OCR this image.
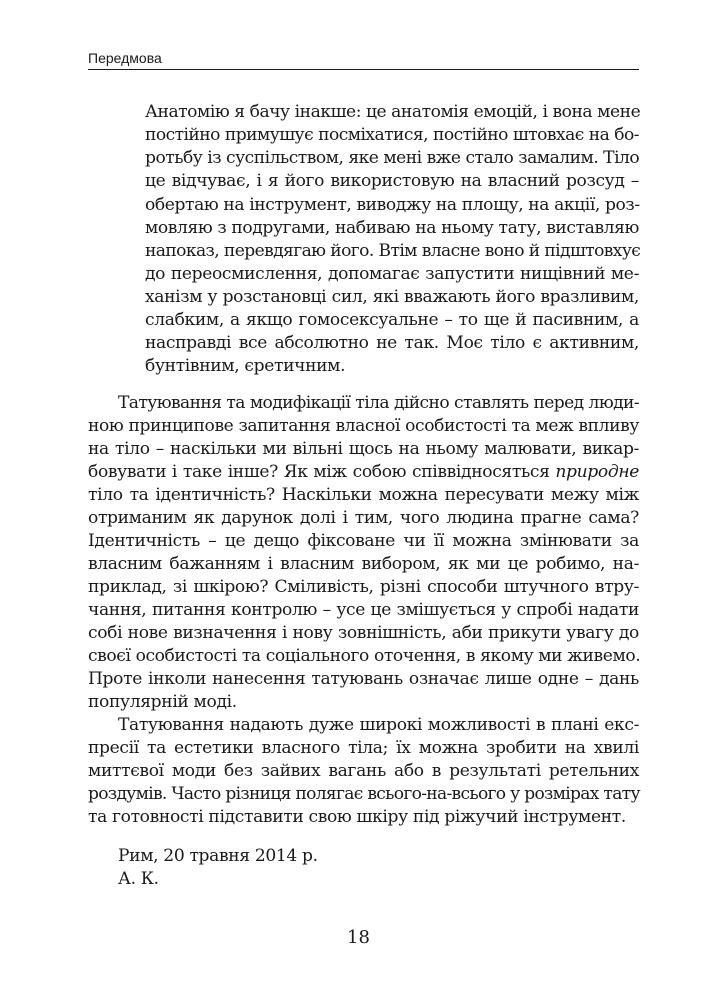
Передмова
Анатомію я бачу інакше: це анатомія емоцій, і вона мене
постійно примушує посміхатися, постійно штовхає на бо-
ротьбу із суспільством, яке мені вже стало замалим. Тіло
це відчуває, і я його використовую на власний розсуд –
обертаю на інструмент, виводжу на площу, на акції, роз-
мовляю з подругами, набиваю на ньому тату, виставляю
напоказ, перевдягаю його. Втім власне воно й підштовхує
до переосмислення, допомагає запустити нищівний ме-
ханізм у розстановці сил, які вважають його вразливим,
слабким, а якщо гомосексуальне – то ще й пасивним, а
насправді все абсолютно не так. Моє тіло є активним,
бунтівним, єретичним.
Татуювання та модифікації тіла дійсно ставлять перед люди-
ною принципове запитання власної особистості та меж впливу
на тіло – наскільки ми вільні щось на ньому малювати, викар-
бовувати і таке інше? Як між собою співвідносяться природне
тіло та ідентичність? Наскільки можна пересувати межу між
отриманим як дарунок долі і тим, чого людина прагне сама?
Ідентичність – це дещо фіксоване чи її можна змінювати за
власним бажанням і власним вибором, як ми це робимо, на-
приклад, зі шкірою? Сміливість, різні способи штучного втру-
чання, питання контролю – усе це змішується у спробі надати
собі нове визначення і нову зовнішність, аби прикути увагу до
своєї особистості та соціального оточення, в якому ми живемо.
Проте інколи нанесення татуювань означає лише одне – дань
популярній моді.
Татуювання надають дуже широкі можливості в плані екс-
пресії та естетики власного тіла; їх можна зробити на хвилі
миттєвої моди без зайвих вагань або в результаті ретельних
роздумів. Часто різниця полягає всього-на-всього у розмірах тату
та готовності підставити свою шкіру під ріжучий інструмент.
Рим, 20 травня 2014 р.
А. К.
18
